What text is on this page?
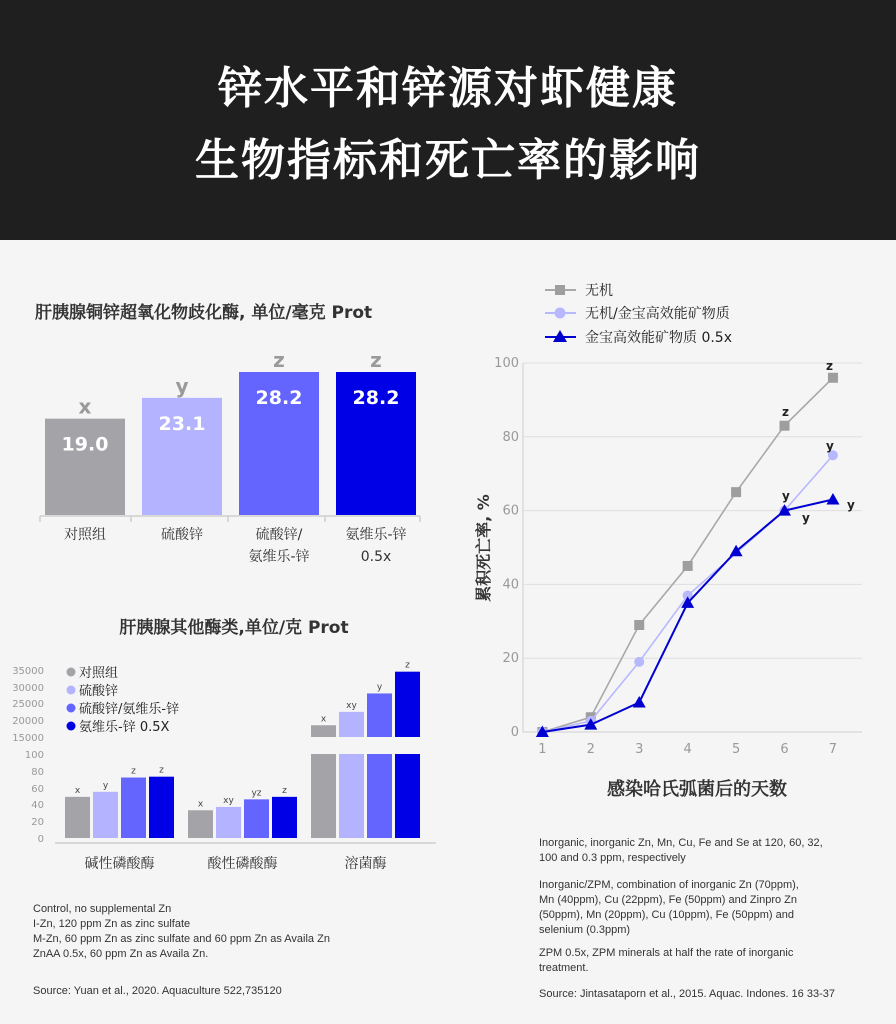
锌水平和锌源对虾健康
生物指标和死亡率的影响
肝胰腺铜锌超氧化物歧化酶, 单位/毫克 Prot
19.0
x
对照组
23.1
y
硫酸锌
28.2
z
硫酸锌/
氨维乐-锌
28.2
z
氨维乐-锌
0.5x
肝胰腺其他酶类,单位/克 Prot
35000
30000
25000
20000
15000
100
80
60
40
20
0
对照组
硫酸锌
硫酸锌/氨维乐-锌
氨维乐-锌 0.5X
x
y
z	z
碱性磷酸酶
x xy
yz z
酸性磷酸酶
x
xy
y
z
溶菌酶
无机
无机/金宝高效能矿物质
金宝高效能矿物质 0.5x
0
20
40
60
80
100
1	2	3	4	5	6	7
感染哈氏弧菌后的天数
累积死亡率, %
z
z
y
y
y
y
Control, no supplemental Zn
I-Zn, 120 ppm Zn as zinc sulfate
M-Zn, 60 ppm Zn as zinc sulfate and 60 ppm Zn as Availa Zn
ZnAA 0.5x, 60 ppm Zn as Availa Zn.
Source: Yuan et al., 2020. Aquaculture 522,735120
Inorganic, inorganic Zn, Mn, Cu, Fe and Se at 120, 60, 32,
100 and 0.3 ppm, respectively
Inorganic/ZPM, combination of inorganic Zn (70ppm),
Mn (40ppm), Cu (22ppm), Fe (50ppm) and Zinpro Zn
(50ppm), Mn (20ppm), Cu (10ppm), Fe (50ppm) and
selenium (0.3ppm)
ZPM 0.5x, ZPM minerals at half the rate of inorganic
treatment.
Source: Jintasataporn et al., 2015. Aquac. Indones. 16 33-37
